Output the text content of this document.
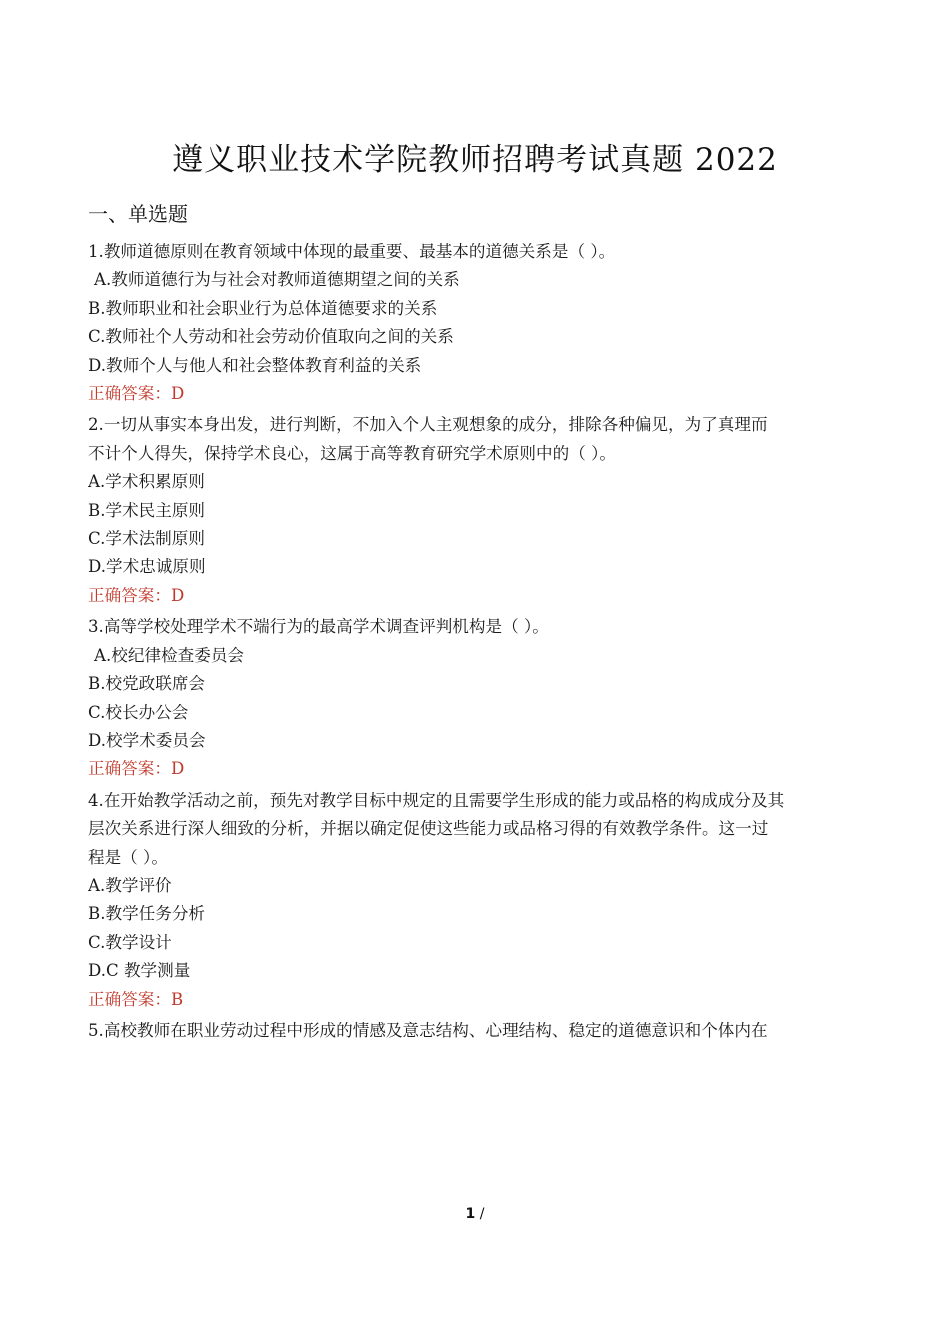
遵义职业技术学院教师招聘考试真题 2022
一、单选题
1.教师道德原则在教育领域中体现的最重要、最基本的道德关系是（ ）。
A.教师道德行为与社会对教师道德期望之间的关系
B.教师职业和社会职业行为总体道德要求的关系
C.教师社个人劳动和社会劳动价值取向之间的关系
D.教师个人与他人和社会整体教育利益的关系
正确答案：D
2.一切从事实本身出发，进行判断，不加入个人主观想象的成分，排除各种偏见，为了真理而
不计个人得失，保持学术良心，这属于高等教育研究学术原则中的（ ）。
A.学术积累原则
B.学术民主原则
C.学术法制原则
D.学术忠诚原则
正确答案：D
3.高等学校处理学术不端行为的最高学术调查评判机构是（ ）。
A.校纪律检查委员会
B.校党政联席会
C.校长办公会
D.校学术委员会
正确答案：D
4.在开始教学活动之前，预先对教学目标中规定的且需要学生形成的能力或品格的构成成分及其
层次关系进行深人细致的分析，并据以确定促使这些能力或品格习得的有效教学条件。这一过
程是（ ）。
A.教学评价
B.教学任务分析
C.教学设计
D.C 教学测量
正确答案：B
5.高校教师在职业劳动过程中形成的情感及意志结构、心理结构、稳定的道德意识和个体内在
1 /
